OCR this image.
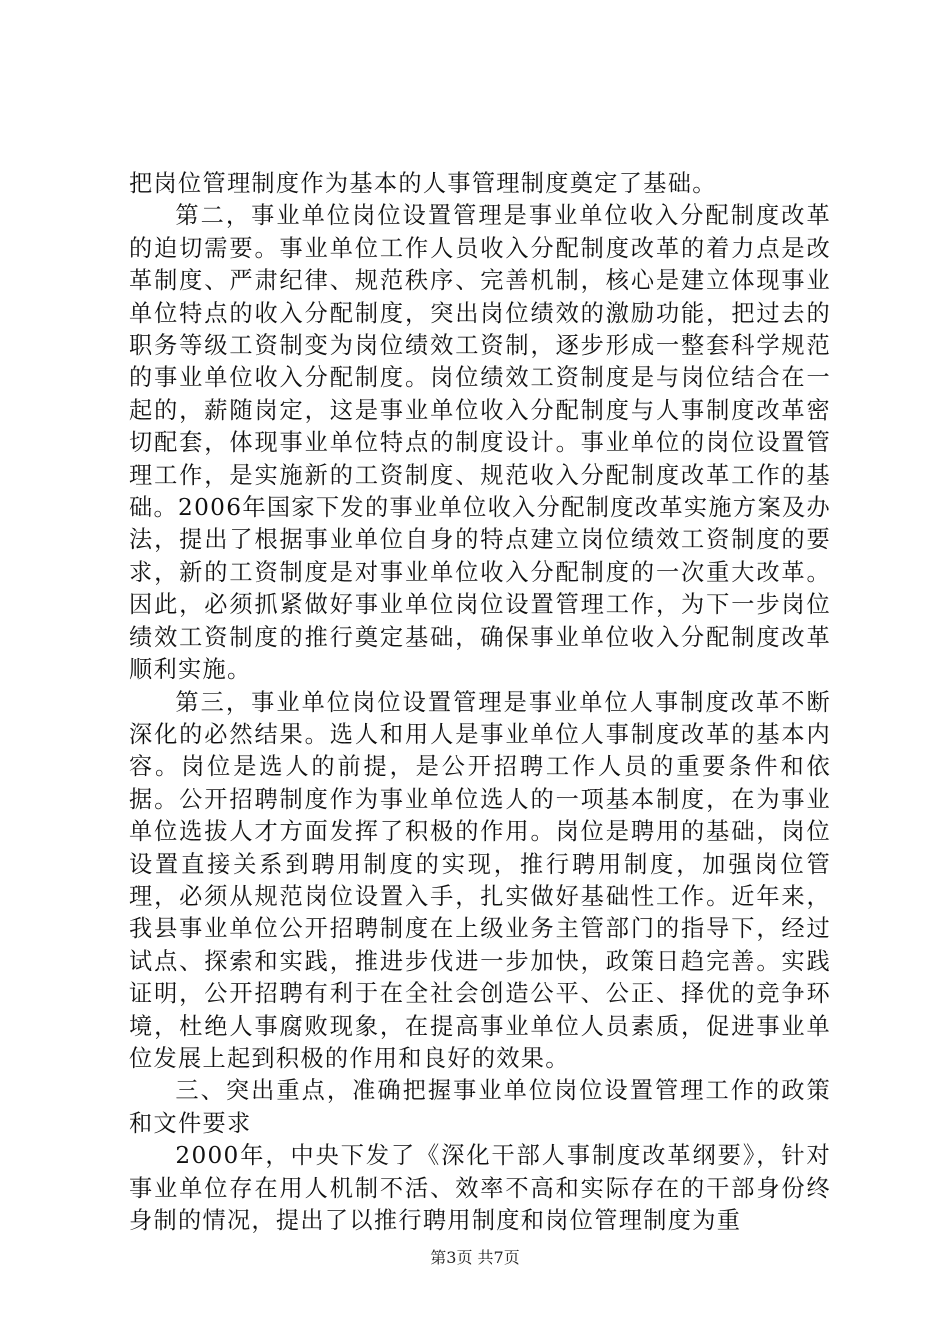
把岗位管理制度作为基本的人事管理制度奠定了基础。

第二，事业单位岗位设置管理是事业单位收入分配制度改革的迫切需要。事业单位工作人员收入分配制度改革的着力点是改革制度、严肃纪律、规范秩序、完善机制，核心是建立体现事业单位特点的收入分配制度，突出岗位绩效的激励功能，把过去的职务等级工资制变为岗位绩效工资制，逐步形成一整套科学规范的事业单位收入分配制度。岗位绩效工资制度是与岗位结合在一起的，薪随岗定，这是事业单位收入分配制度与人事制度改革密切配套，体现事业单位特点的制度设计。事业单位的岗位设置管理工作，是实施新的工资制度、规范收入分配制度改革工作的基础。2006年国家下发的事业单位收入分配制度改革实施方案及办法，提出了根据事业单位自身的特点建立岗位绩效工资制度的要求，新的工资制度是对事业单位收入分配制度的一次重大改革。因此，必须抓紧做好事业单位岗位设置管理工作，为下一步岗位绩效工资制度的推行奠定基础，确保事业单位收入分配制度改革顺利实施。

第三，事业单位岗位设置管理是事业单位人事制度改革不断深化的必然结果。选人和用人是事业单位人事制度改革的基本内容。岗位是选人的前提，是公开招聘工作人员的重要条件和依据。公开招聘制度作为事业单位选人的一项基本制度，在为事业单位选拔人才方面发挥了积极的作用。岗位是聘用的基础，岗位设置直接关系到聘用制度的实现，推行聘用制度，加强岗位管理，必须从规范岗位设置入手，扎实做好基础性工作。近年来，我县事业单位公开招聘制度在上级业务主管部门的指导下，经过试点、探索和实践，推进步伐进一步加快，政策日趋完善。实践证明，公开招聘有利于在全社会创造公平、公正、择优的竞争环境，杜绝人事腐败现象，在提高事业单位人员素质，促进事业单位发展上起到积极的作用和良好的效果。

三、突出重点，准确把握事业单位岗位设置管理工作的政策和文件要求

2000年，中央下发了《深化干部人事制度改革纲要》，针对事业单位存在用人机制不活、效率不高和实际存在的干部身份终身制的情况，提出了以推行聘用制度和岗位管理制度为重

第3页 共7页
